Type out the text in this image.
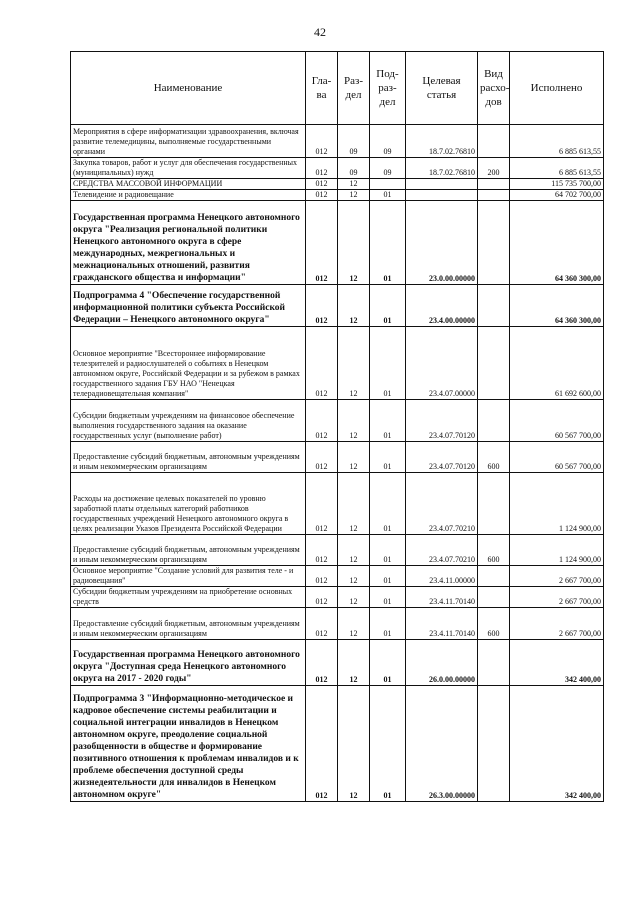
42
Наименование	Гла-ва	Раз-дел	Под-раз-дел	Целевая статья	Вид расхо-дов	Исполнено
Мероприятия в сфере информатизации здравоохранения, включая развитие телемедицины, выполняемые государственными органами	012	09	09	18.7.02.76810		6 885 613,55
Закупка товаров, работ и услуг для обеспечения государственных (муниципальных) нужд	012	09	09	18.7.02.76810	200	6 885 613,55
СРЕДСТВА МАССОВОЙ ИНФОРМАЦИИ	012	12				115 735 700,00
Телевидение и радиовещание	012	12	01			64 702 700,00
Государственная программа Ненецкого автономного округа "Реализация региональной политики Ненецкого автономного округа в сфере международных, межрегиональных и межнациональных отношений, развития гражданского общества и информации"	012	12	01	23.0.00.00000		64 360 300,00
Подпрограмма 4 "Обеспечение государственной информационной политики субъекта Российской Федерации – Ненецкого автономного округа"	012	12	01	23.4.00.00000		64 360 300,00
Основное мероприятие "Всестороннее информирование телезрителей и радиослушателей о событиях в Ненецком автономном округе, Российской Федерации и за рубежом в рамках государственного задания ГБУ НАО "Ненецкая телерадиовещательная компания"	012	12	01	23.4.07.00000		61 692 600,00
Субсидии бюджетным учреждениям на финансовое обеспечение выполнения государственного задания на оказание государственных услуг (выполнение работ)	012	12	01	23.4.07.70120		60 567 700,00
Предоставление субсидий бюджетным, автономным учреждениям и иным некоммерческим организациям	012	12	01	23.4.07.70120	600	60 567 700,00
Расходы на достижение целевых показателей по уровню заработной платы отдельных категорий работников государственных учреждений Ненецкого автономного округа в целях реализации Указов Президента Российской Федерации	012	12	01	23.4.07.70210		1 124 900,00
Предоставление субсидий бюджетным, автономным учреждениям и иным некоммерческим организациям	012	12	01	23.4.07.70210	600	1 124 900,00
Основное мероприятие "Создание условий для развития теле - и радиовещания"	012	12	01	23.4.11.00000		2 667 700,00
Субсидии бюджетным учреждениям на приобретение основных средств	012	12	01	23.4.11.70140		2 667 700,00
Предоставление субсидий бюджетным, автономным учреждениям и иным некоммерческим организациям	012	12	01	23.4.11.70140	600	2 667 700,00
Государственная программа Ненецкого автономного округа "Доступная среда Ненецкого автономного округа на 2017 - 2020 годы"	012	12	01	26.0.00.00000		342 400,00
Подпрограмма 3 "Информационно-методическое и кадровое обеспечение системы реабилитации и социальной интеграции инвалидов в Ненецком автономном округе, преодоление социальной разобщенности в обществе и формирование позитивного отношения к проблемам инвалидов и к проблеме обеспечения доступной среды жизнедеятельности для инвалидов в Ненецком автономном округе"	012	12	01	26.3.00.00000		342 400,00
